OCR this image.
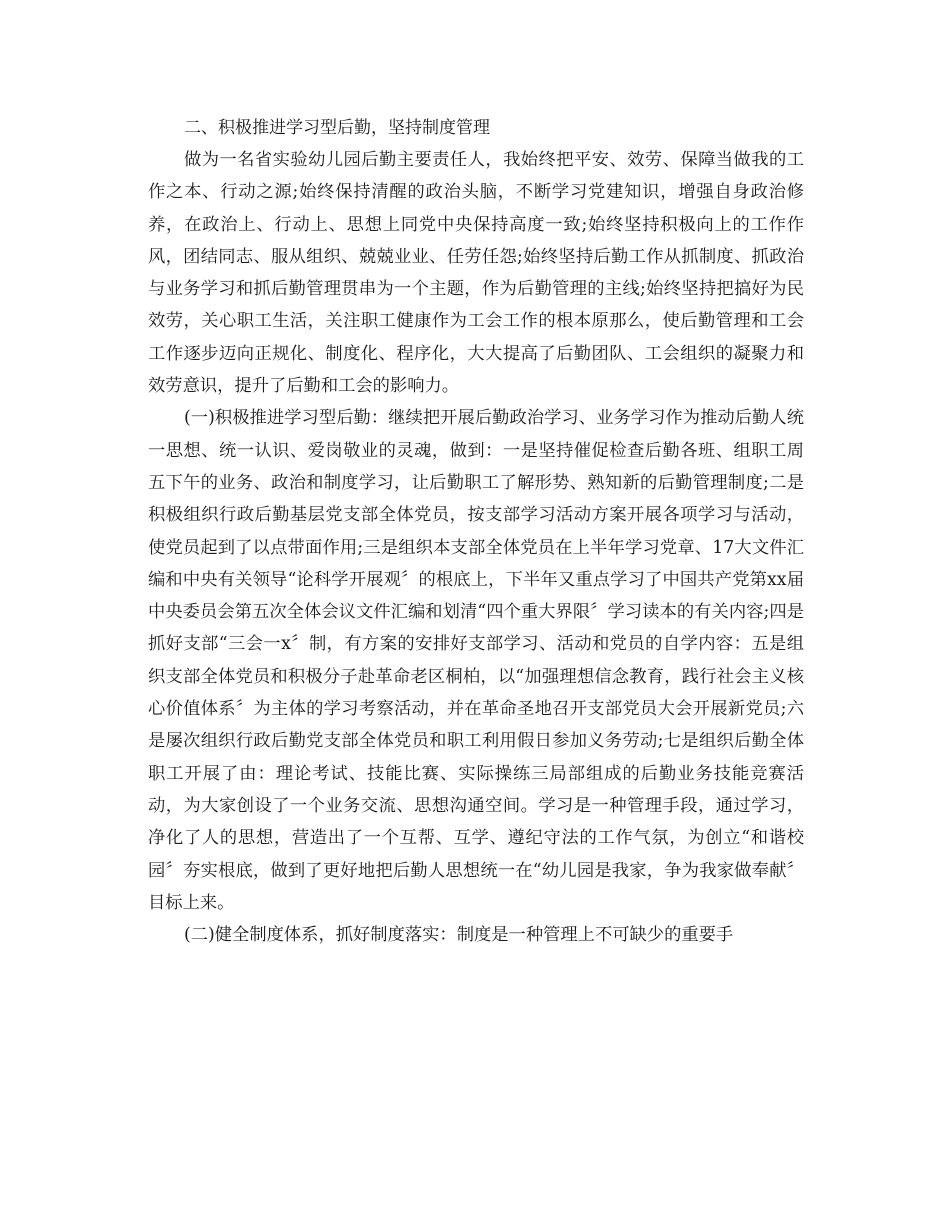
二、积极推进学习型后勤，坚持制度管理

做为一名省实验幼儿园后勤主要责任人，我始终把平安、效劳、保障当做我的工作之本、行动之源;始终保持清醒的政治头脑，不断学习党建知识，增强自身政治修养，在政治上、行动上、思想上同党中央保持高度一致;始终坚持积极向上的工作作风，团结同志、服从组织、兢兢业业、任劳任怨;始终坚持后勤工作从抓制度、抓政治与业务学习和抓后勤管理贯串为一个主题，作为后勤管理的主线;始终坚持把搞好为民效劳，关心职工生活，关注职工健康作为工会工作的根本原那么，使后勤管理和工会工作逐步迈向正规化、制度化、程序化，大大提高了后勤团队、工会组织的凝聚力和效劳意识，提升了后勤和工会的影响力。

(一)积极推进学习型后勤：继续把开展后勤政治学习、业务学习作为推动后勤人统一思想、统一认识、爱岗敬业的灵魂，做到：一是坚持催促检查后勤各班、组职工周五下午的业务、政治和制度学习，让后勤职工了解形势、熟知新的后勤管理制度;二是积极组织行政后勤基层党支部全体党员，按支部学习活动方案开展各项学习与活动，使党员起到了以点带面作用;三是组织本支部全体党员在上半年学习党章、17大文件汇编和中央有关领导“论科学开展观〞的根底上，下半年又重点学习了中国共产党第xx届中央委员会第五次全体会议文件汇编和划清“四个重大界限〞学习读本的有关内容;四是抓好支部“三会一x〞制，有方案的安排好支部学习、活动和党员的自学内容：五是组织支部全体党员和积极分子赴革命老区桐柏，以“加强理想信念教育，践行社会主义核心价值体系〞为主体的学习考察活动，并在革命圣地召开支部党员大会开展新党员;六是屡次组织行政后勤党支部全体党员和职工利用假日参加义务劳动;七是组织后勤全体职工开展了由：理论考试、技能比赛、实际操练三局部组成的后勤业务技能竞赛活动，为大家创设了一个业务交流、思想沟通空间。学习是一种管理手段，通过学习，净化了人的思想，营造出了一个互帮、互学、遵纪守法的工作气氛，为创立“和谐校园〞夯实根底，做到了更好地把后勤人思想统一在“幼儿园是我家，争为我家做奉献〞目标上来。

(二)健全制度体系，抓好制度落实：制度是一种管理上不可缺少的重要手
